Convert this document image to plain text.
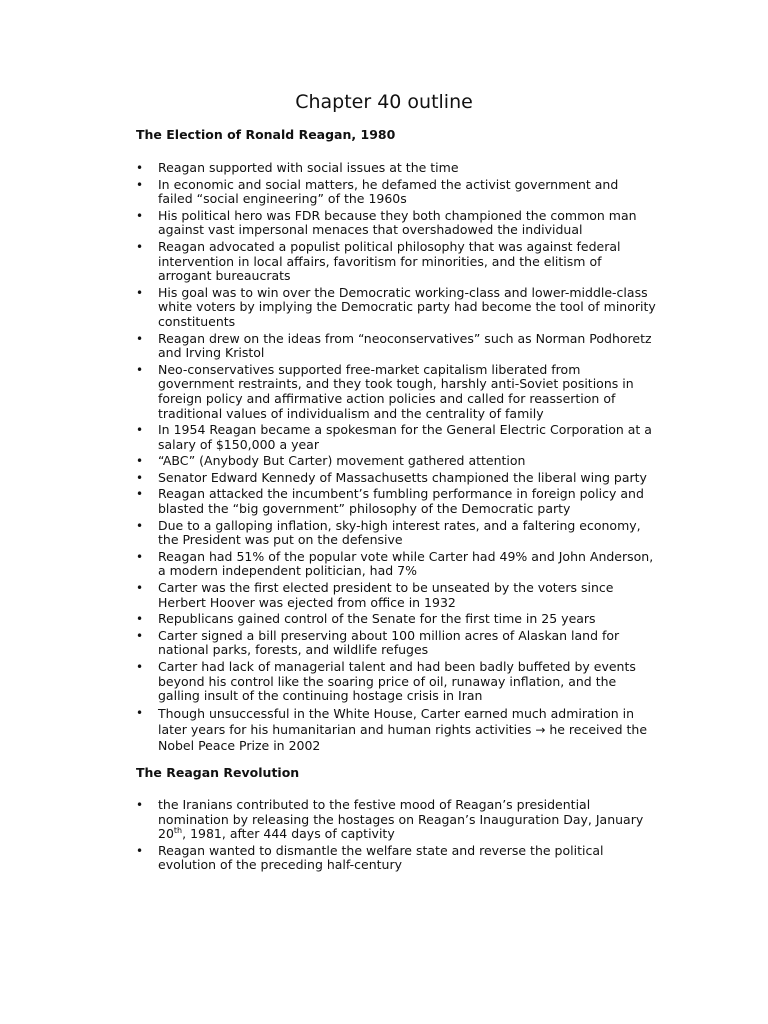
Chapter 40 outline
The Election of Ronald Reagan, 1980
• Reagan supported with social issues at the time
• In economic and social matters, he defamed the activist government and failed “social engineering” of the 1960s
• His political hero was FDR because they both championed the common man against vast impersonal menaces that overshadowed the individual
• Reagan advocated a populist political philosophy that was against federal intervention in local affairs, favoritism for minorities, and the elitism of arrogant bureaucrats
• His goal was to win over the Democratic working-class and lower-middle-class white voters by implying the Democratic party had become the tool of minority constituents
• Reagan drew on the ideas from “neoconservatives” such as Norman Podhoretz and Irving Kristol
• Neo-conservatives supported free-market capitalism liberated from government restraints, and they took tough, harshly anti-Soviet positions in foreign policy and affirmative action policies and called for reassertion of traditional values of individualism and the centrality of family
• In 1954 Reagan became a spokesman for the General Electric Corporation at a salary of $150,000 a year
• “ABC” (Anybody But Carter) movement gathered attention
• Senator Edward Kennedy of Massachusetts championed the liberal wing party
• Reagan attacked the incumbent’s fumbling performance in foreign policy and blasted the “big government” philosophy of the Democratic party
• Due to a galloping inflation, sky-high interest rates, and a faltering economy, the President was put on the defensive
• Reagan had 51% of the popular vote while Carter had 49% and John Anderson, a modern independent politician, had 7%
• Carter was the first elected president to be unseated by the voters since Herbert Hoover was ejected from office in 1932
• Republicans gained control of the Senate for the first time in 25 years
• Carter signed a bill preserving about 100 million acres of Alaskan land for national parks, forests, and wildlife refuges
• Carter had lack of managerial talent and had been badly buffeted by events beyond his control like the soaring price of oil, runaway inflation, and the galling insult of the continuing hostage crisis in Iran
• Though unsuccessful in the White House, Carter earned much admiration in later years for his humanitarian and human rights activities → he received the Nobel Peace Prize in 2002
The Reagan Revolution
• the Iranians contributed to the festive mood of Reagan’s presidential nomination by releasing the hostages on Reagan’s Inauguration Day, January 20th, 1981, after 444 days of captivity
• Reagan wanted to dismantle the welfare state and reverse the political evolution of the preceding half-century
